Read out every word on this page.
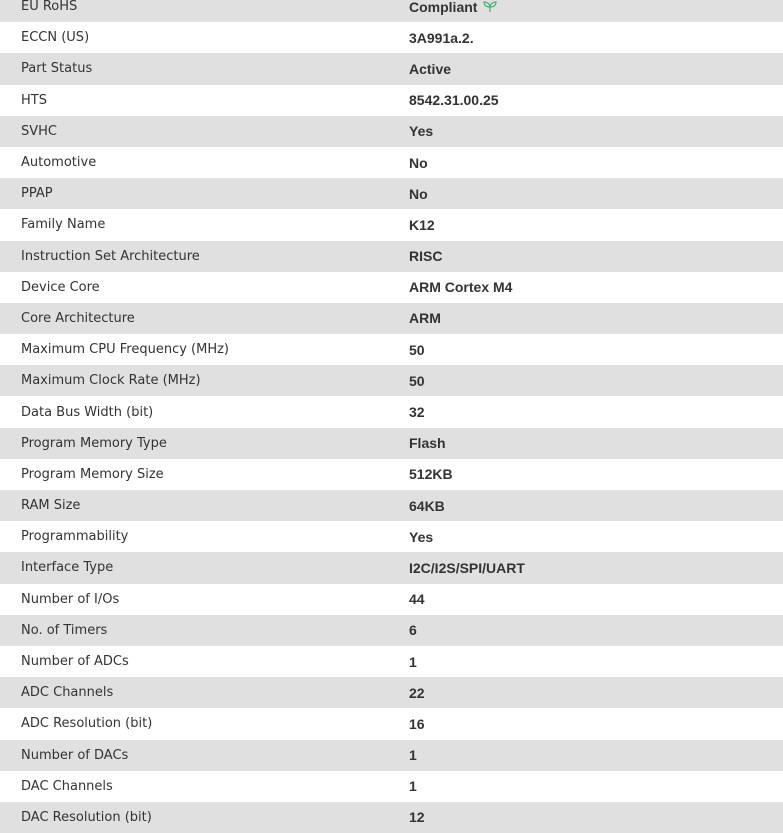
EU RoHS	Compliant
ECCN (US)	3A991a.2.
Part Status	Active
HTS	8542.31.00.25
SVHC	Yes
Automotive	No
PPAP	No
Family Name	K12
Instruction Set Architecture	RISC
Device Core	ARM Cortex M4
Core Architecture	ARM
Maximum CPU Frequency (MHz)	50
Maximum Clock Rate (MHz)	50
Data Bus Width (bit)	32
Program Memory Type	Flash
Program Memory Size	512KB
RAM Size	64KB
Programmability	Yes
Interface Type	I2C/I2S/SPI/UART
Number of I/Os	44
No. of Timers	6
Number of ADCs	1
ADC Channels	22
ADC Resolution (bit)	16
Number of DACs	1
DAC Channels	1
DAC Resolution (bit)	12
